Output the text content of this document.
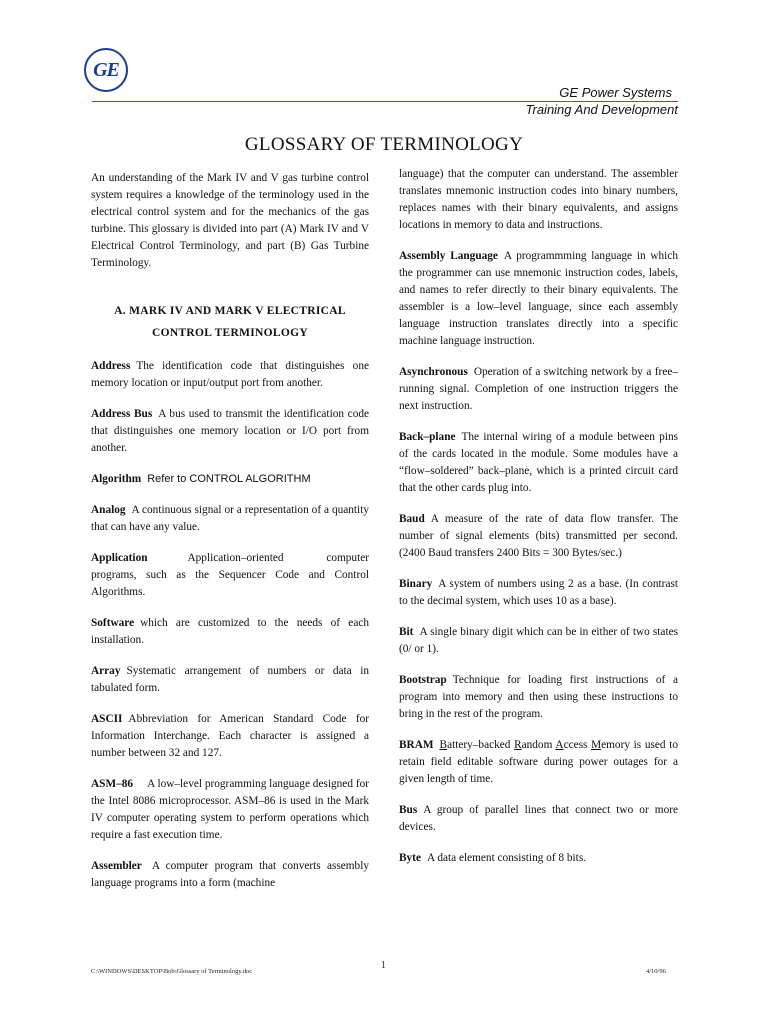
GE
GE Power Systems
Training And Development
GLOSSARY OF TERMINOLOGY

An understanding of the Mark IV and V gas turbine control system requires a knowledge of the terminology used in the electrical control system and for the mechanics of the gas turbine. This glossary is divided into part (A) Mark IV and V Electrical Control Terminology, and part (B) Gas Turbine Terminology.

A. MARK IV AND MARK V ELECTRICAL
CONTROL TERMINOLOGY

Address The identification code that distinguishes one memory location or input/output port from another.

Address Bus A bus used to transmit the identification code that distinguishes one memory location or I/O port from another.

Algorithm Refer to CONTROL ALGORITHM

Analog A continuous signal or a representation of a quantity that can have any value.

Application	Application–oriented computer programs, such as the Sequencer Code and Control Algorithms.

Software which are customized to the needs of each installation.

Array Systematic arrangement of numbers or data in tabulated form.

ASCII Abbreviation for American Standard Code for Information Interchange. Each character is assigned a number between 32 and 127.

ASM–86 A low–level programming language designed for the Intel 8086 microprocessor. ASM–86 is used in the Mark IV computer operating system to perform operations which require a fast execution time.

Assembler A computer program that converts assembly language programs into a form (machine

language) that the computer can understand. The assembler translates mnemonic instruction codes into binary numbers, replaces names with their binary equivalents, and assigns locations in memory to data and instructions.

Assembly Language A programmming language in which the programmer can use mnemonic instruction codes, labels, and names to refer directly to their binary equivalents. The assembler is a low–level language, since each assembly language instruction translates directly into a specific machine language instruction.

Asynchronous Operation of a switching network by a free–running signal. Completion of one instruction triggers the next instruction.

Back–plane The internal wiring of a module between pins of the cards located in the module. Some modules have a “flow–soldered” back–plane, which is a printed circuit card that the other cards plug into.

Baud A measure of the rate of data flow transfer. The number of signal elements (bits) transmitted per second. (2400 Baud transfers 2400 Bits = 300 Bytes/sec.)

Binary A system of numbers using 2 as a base. (In contrast to the decimal system, which uses 10 as a base).

Bit A single binary digit which can be in either of two states (0/ or 1).

Bootstrap Technique for loading first instructions of a program into memory and then using these instructions to bring in the rest of the program.

BRAM Battery–backed Random Access Memory is used to retain field editable software during power outages for a given length of time.

Bus A group of parallel lines that connect two or more devices.

Byte A data element consisting of 8 bits.

C:\WINDOWS\DESKTOP\Bob\Glossary of Terminology.doc
1
4/10/96
